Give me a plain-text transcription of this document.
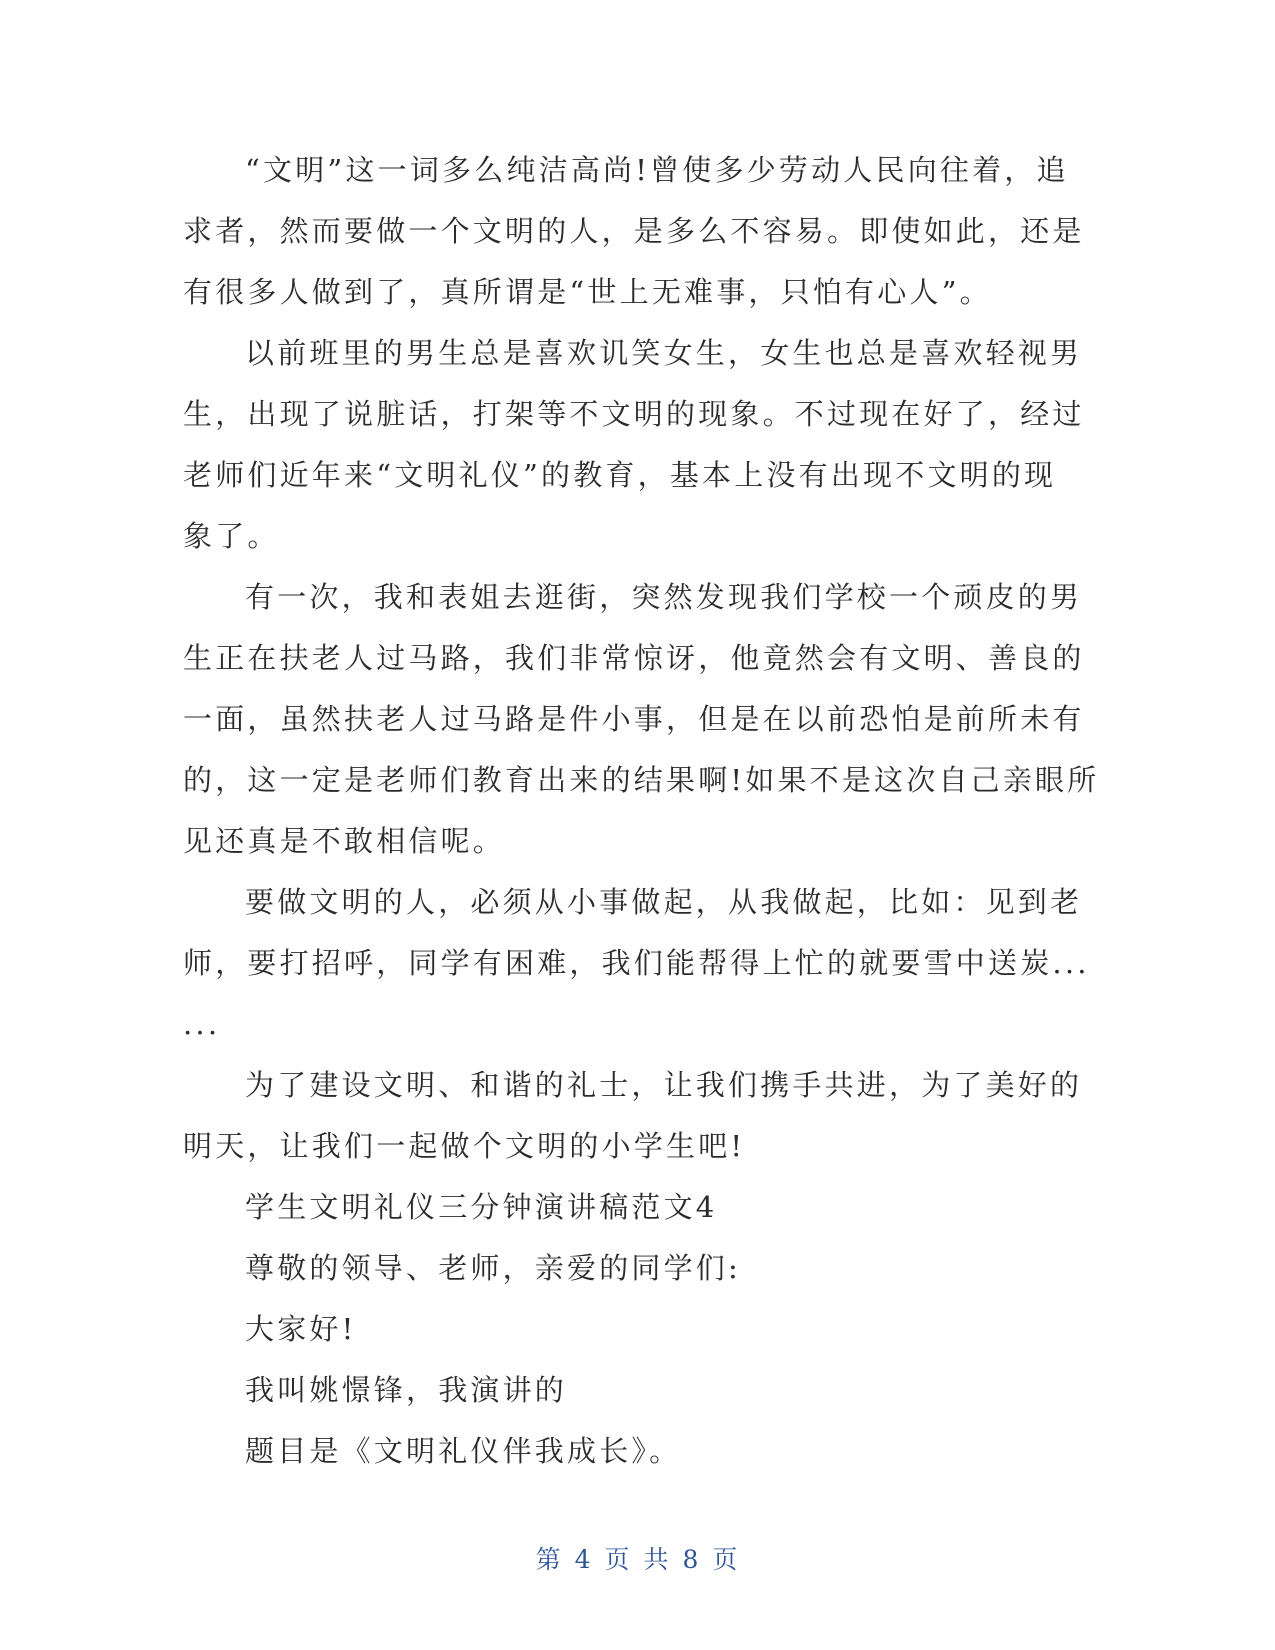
“文明”这一词多么纯洁高尚!曾使多少劳动人民向往着，追
求者，然而要做一个文明的人，是多么不容易。即使如此，还是
有很多人做到了，真所谓是“世上无难事，只怕有心人”。
以前班里的男生总是喜欢讥笑女生，女生也总是喜欢轻视男
生，出现了说脏话，打架等不文明的现象。不过现在好了，经过
老师们近年来“文明礼仪”的教育，基本上没有出现不文明的现
象了。
有一次，我和表姐去逛街，突然发现我们学校一个顽皮的男
生正在扶老人过马路，我们非常惊讶，他竟然会有文明、善良的
一面，虽然扶老人过马路是件小事，但是在以前恐怕是前所未有
的，这一定是老师们教育出来的结果啊!如果不是这次自己亲眼所
见还真是不敢相信呢。
要做文明的人，必须从小事做起，从我做起，比如：见到老
师，要打招呼，同学有困难，我们能帮得上忙的就要雪中送炭...
...
为了建设文明、和谐的礼士，让我们携手共进，为了美好的
明天，让我们一起做个文明的小学生吧!
学生文明礼仪三分钟演讲稿范文4
尊敬的领导、老师，亲爱的同学们:
大家好!
我叫姚憬锋，我演讲的
题目是《文明礼仪伴我成长》。
第 4 页 共 8 页
